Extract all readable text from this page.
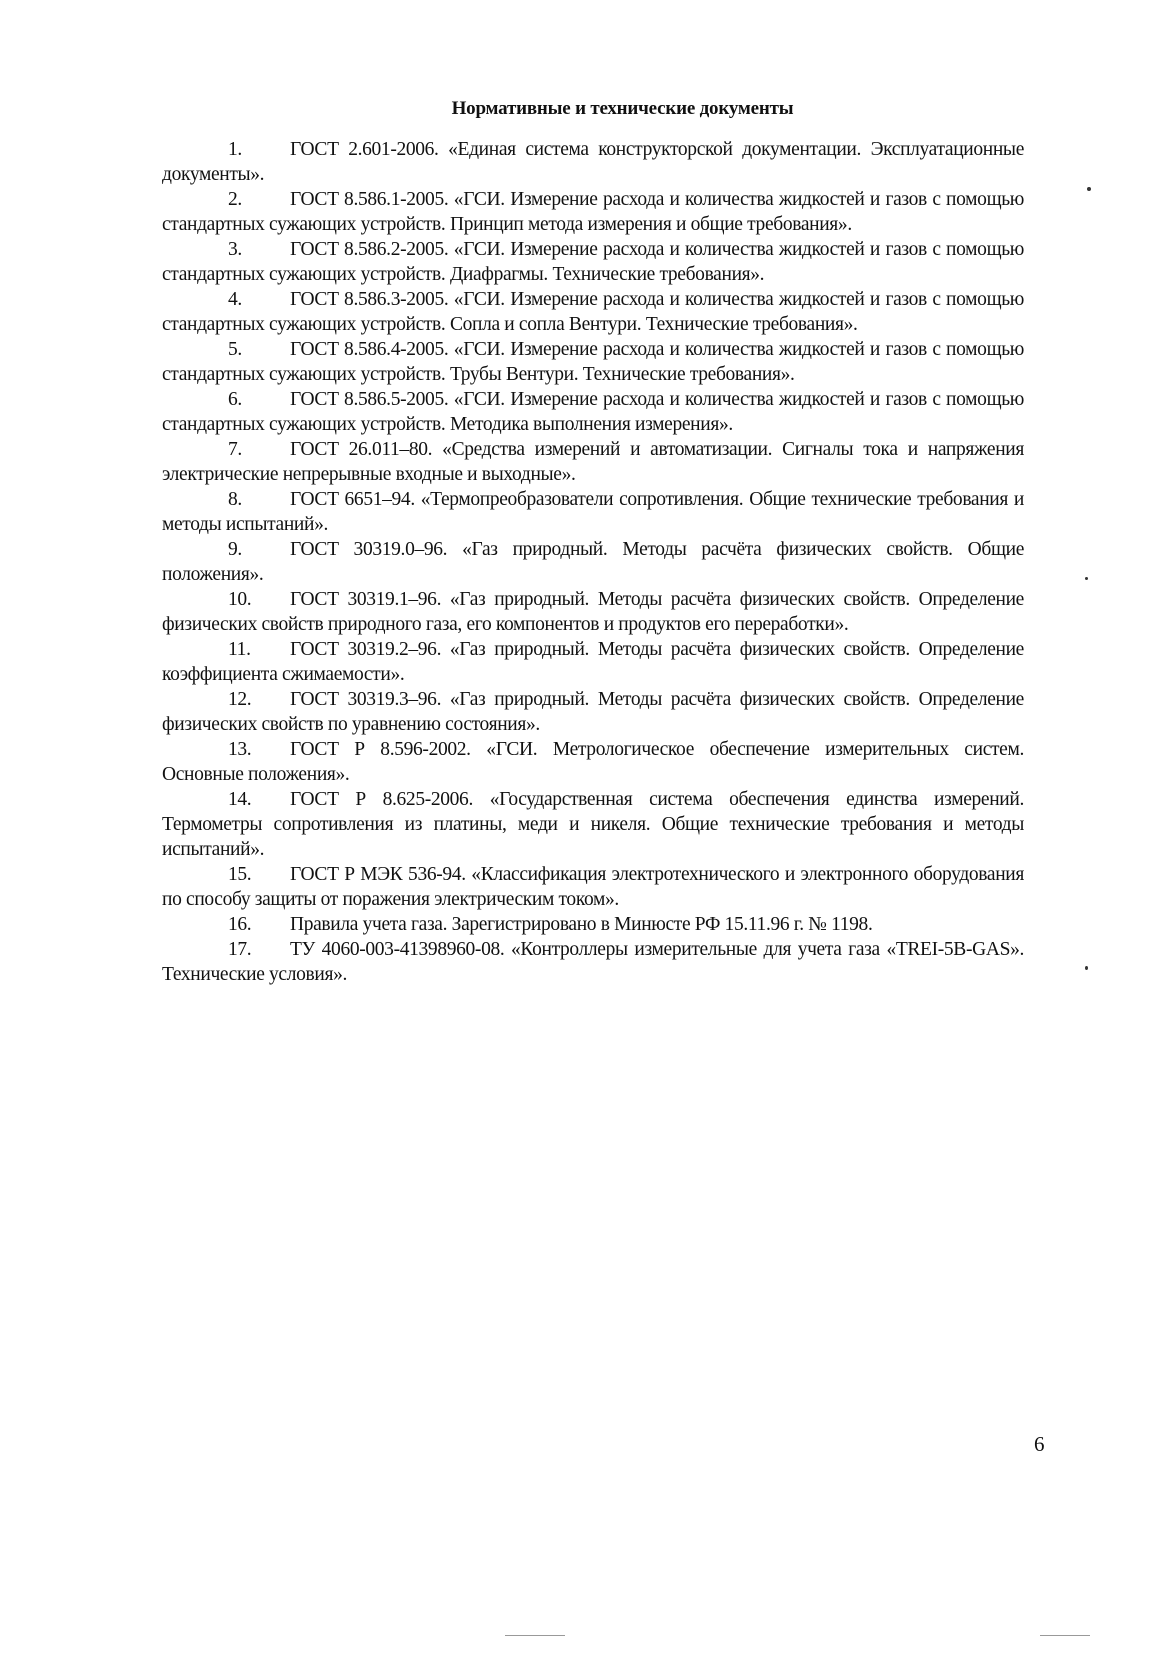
Нормативные и технические документы

1. ГОСТ 2.601-2006. «Единая система конструкторской документации. Эксплуатационные документы».

2. ГОСТ 8.586.1-2005. «ГСИ. Измерение расхода и количества жидкостей и газов с помощью стандартных сужающих устройств. Принцип метода измерения и общие требования».

3. ГОСТ 8.586.2-2005. «ГСИ. Измерение расхода и количества жидкостей и газов с помощью стандартных сужающих устройств. Диафрагмы. Технические требования».

4. ГОСТ 8.586.3-2005. «ГСИ. Измерение расхода и количества жидкостей и газов с помощью стандартных сужающих устройств. Сопла и сопла Вентури. Технические требования».

5. ГОСТ 8.586.4-2005. «ГСИ. Измерение расхода и количества жидкостей и газов с помощью стандартных сужающих устройств. Трубы Вентури. Технические требования».

6. ГОСТ 8.586.5-2005. «ГСИ. Измерение расхода и количества жидкостей и газов с помощью стандартных сужающих устройств. Методика выполнения измерения».

7. ГОСТ 26.011–80. «Средства измерений и автоматизации. Сигналы тока и напряжения электрические непрерывные входные и выходные».

8. ГОСТ 6651–94. «Термопреобразователи сопротивления. Общие технические требования и методы испытаний».

9. ГОСТ 30319.0–96. «Газ природный. Методы расчёта физических свойств. Общие положения».

10. ГОСТ 30319.1–96. «Газ природный. Методы расчёта физических свойств. Определение физических свойств природного газа, его компонентов и продуктов его переработки».

11. ГОСТ 30319.2–96. «Газ природный. Методы расчёта физических свойств. Определение коэффициента сжимаемости».

12. ГОСТ 30319.3–96. «Газ природный. Методы расчёта физических свойств. Определение физических свойств по уравнению состояния».

13. ГОСТ Р 8.596-2002. «ГСИ. Метрологическое обеспечение измерительных систем. Основные положения».

14. ГОСТ Р 8.625-2006. «Государственная система обеспечения единства измерений. Термометры сопротивления из платины, меди и никеля. Общие технические требования и методы испытаний».

15. ГОСТ Р МЭК 536-94. «Классификация электротехнического и электронного оборудования по способу защиты от поражения электрическим током».

16. Правила учета газа. Зарегистрировано в Минюсте РФ 15.11.96 г. № 1198.

17. ТУ 4060-003-41398960-08. «Контроллеры измерительные для учета газа «TREI-5B-GAS». Технические условия».

6
